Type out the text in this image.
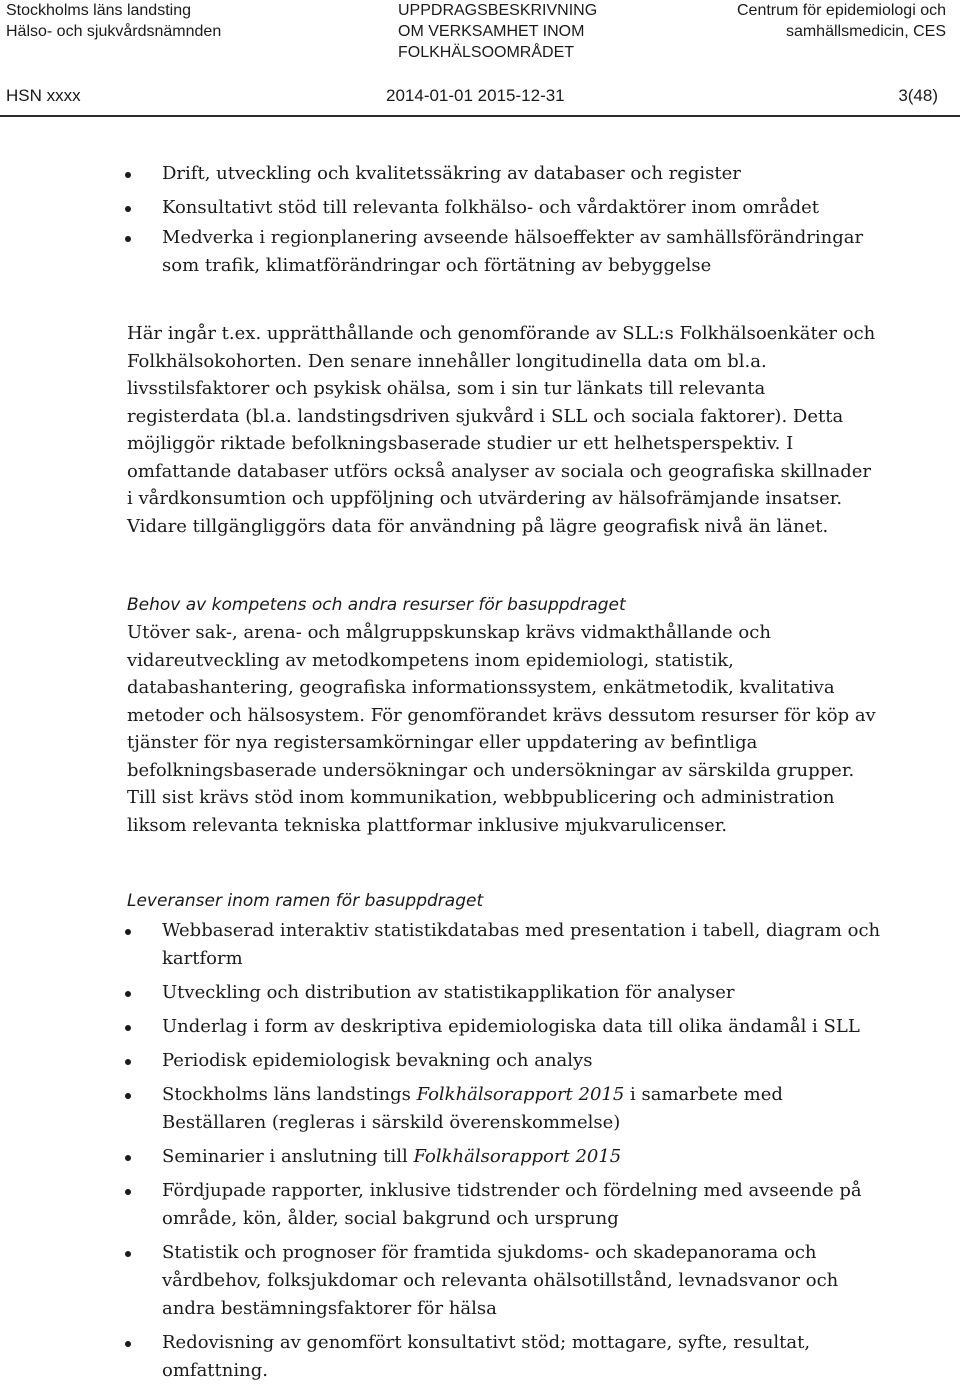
Stockholms läns landsting
Hälso- och sjukvårdsnämnden
UPPDRAGSBESKRIVNING
OM VERKSAMHET INOM
FOLKHÄLSOOMRÅDET
Centrum för epidemiologi och
samhällsmedicin, CES
HSN xxxx	2014-01-01 2015-12-31	3(48)
Drift, utveckling och kvalitetssäkring av databaser och register
Konsultativt stöd till relevanta folkhälso- och vårdaktörer inom området
Medverka i regionplanering avseende hälsoeffekter av samhällsförändringar som trafik, klimatförändringar och förtätning av bebyggelse

Här ingår t.ex. upprätthållande och genomförande av SLL:s Folkhälsoenkäter och Folkhälsokohorten. Den senare innehåller longitudinella data om bl.a. livsstilsfaktorer och psykisk ohälsa, som i sin tur länkats till relevanta registerdata (bl.a. landstingsdriven sjukvård i SLL och sociala faktorer). Detta möjliggör riktade befolkningsbaserade studier ur ett helhetsperspektiv. I omfattande databaser utförs också analyser av sociala och geografiska skillnader i vårdkonsumtion och uppföljning och utvärdering av hälsofrämjande insatser. Vidare tillgängliggörs data för användning på lägre geografisk nivå än länet.

Behov av kompetens och andra resurser för basuppdraget

Utöver sak-, arena- och målgruppskunskap krävs vidmakthållande och vidareutveckling av metodkompetens inom epidemiologi, statistik, databashantering, geografiska informationssystem, enkätmetodik, kvalitativa metoder och hälsosystem. För genomförandet krävs dessutom resurser för köp av tjänster för nya registersamkörningar eller uppdatering av befintliga befolkningsbaserade undersökningar och undersökningar av särskilda grupper. Till sist krävs stöd inom kommunikation, webbpublicering och administration liksom relevanta tekniska plattformar inklusive mjukvarulicenser.

Leveranser inom ramen för basuppdraget
Webbaserad interaktiv statistikdatabas med presentation i tabell, diagram och kartform
Utveckling och distribution av statistikapplikation för analyser
Underlag i form av deskriptiva epidemiologiska data till olika ändamål i SLL
Periodisk epidemiologisk bevakning och analys
Stockholms läns landstings Folkhälsorapport 2015 i samarbete med Beställaren (regleras i särskild överenskommelse)
Seminarier i anslutning till Folkhälsorapport 2015
Fördjupade rapporter, inklusive tidstrender och fördelning med avseende på område, kön, ålder, social bakgrund och ursprung
Statistik och prognoser för framtida sjukdoms- och skadepanorama och vårdbehov, folksjukdomar och relevanta ohälsotillstånd, levnadsvanor och andra bestämningsfaktorer för hälsa
Redovisning av genomfört konsultativt stöd; mottagare, syfte, resultat, omfattning.
